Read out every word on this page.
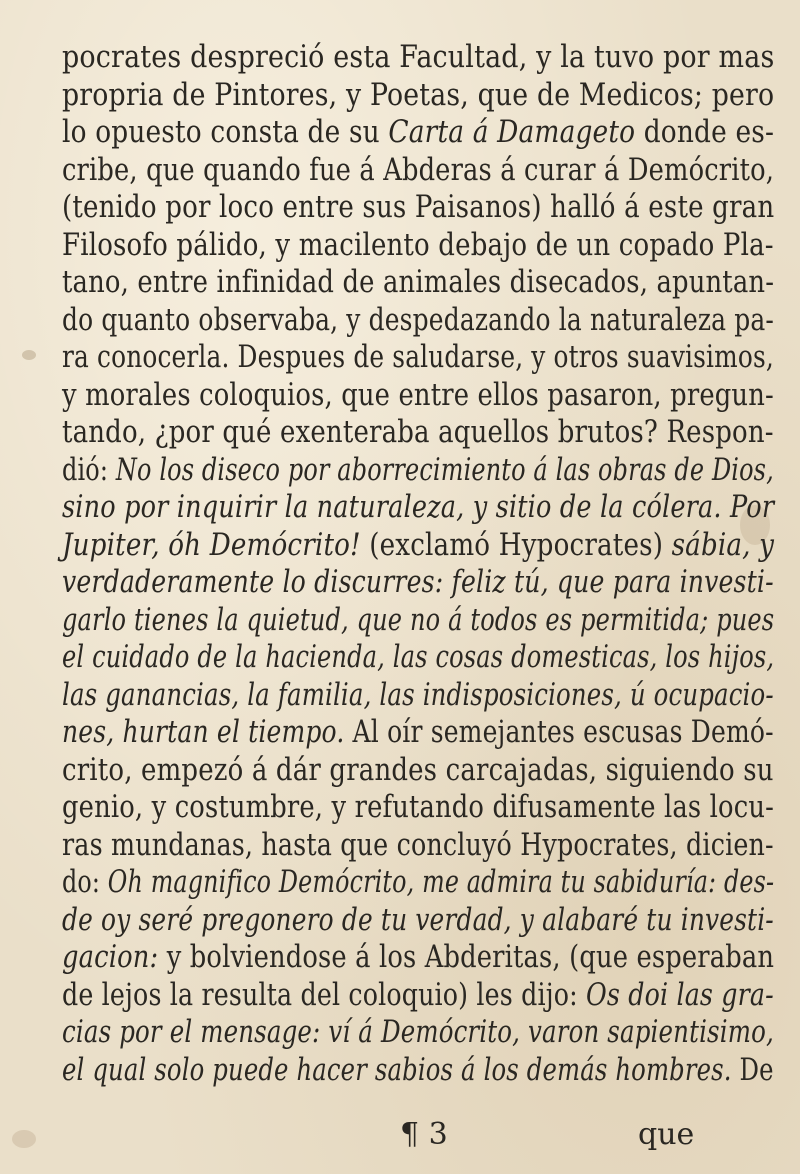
pocrates despreció esta Facultad, y la tuvo por mas
propria de Pintores, y Poetas, que de Medicos; pero
lo opuesto consta de su Carta á Damageto donde es-
cribe, que quando fue á Abderas á curar á Demócrito,
(tenido por loco entre sus Paisanos) halló á este gran
Filosofo pálido, y macilento debajo de un copado Pla-
tano, entre infinidad de animales disecados, apuntan-
do quanto observaba, y despedazando la naturaleza pa-
ra conocerla. Despues de saludarse, y otros suavisimos,
y morales coloquios, que entre ellos pasaron, pregun-
tando, ¿por qué exenteraba aquellos brutos? Respon-
dió: No los diseco por aborrecimiento á las obras de Dios,
sino por inquirir la naturaleza, y sitio de la cólera. Por
Jupiter, óh Demócrito! (exclamó Hypocrates) sábia, y
verdaderamente lo discurres: feliz tú, que para investi-
garlo tienes la quietud, que no á todos es permitida; pues
el cuidado de la hacienda, las cosas domesticas, los hijos,
las ganancias, la familia, las indisposiciones, ú ocupacio-
nes, hurtan el tiempo. Al oír semejantes escusas Demó-
crito, empezó á dár grandes carcajadas, siguiendo su
genio, y costumbre, y refutando difusamente las locu-
ras mundanas, hasta que concluyó Hypocrates, dicien-
do: Oh magnifico Demócrito, me admira tu sabiduría: des-
de oy seré pregonero de tu verdad, y alabaré tu investi-
gacion: y bolviendose á los Abderitas, (que esperaban
de lejos la resulta del coloquio) les dijo: Os doi las gra-
cias por el mensage: ví á Demócrito, varon sapientisimo,
el qual solo puede hacer sabios á los demás hombres. De
¶ 3	que
